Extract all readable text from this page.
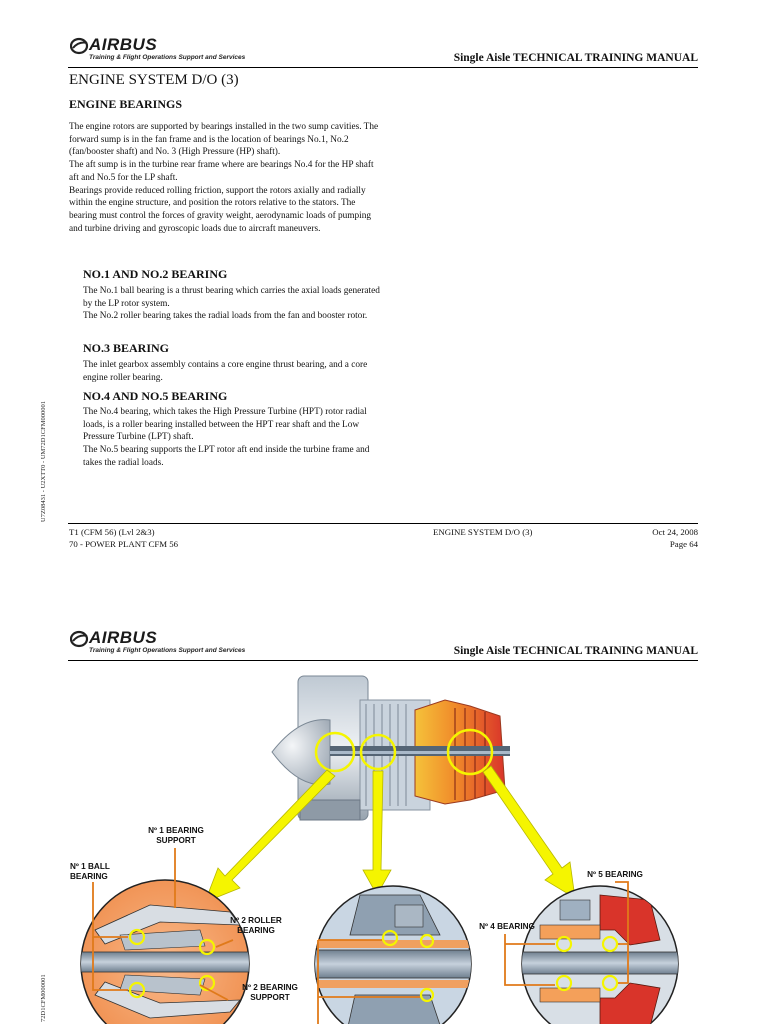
AIRBUS
Training & Flight Operations Support and Services	Single Aisle TECHNICAL TRAINING MANUAL
ENGINE SYSTEM D/O (3)
ENGINE BEARINGS
The engine rotors are supported by bearings installed in the two sump cavities. The forward sump is in the fan frame and is the location of bearings No.1, No.2 (fan/booster shaft) and No. 3 (High Pressure (HP) shaft).
The aft sump is in the turbine rear frame where are bearings No.4 for the HP shaft aft and No.5 for the LP shaft.
Bearings provide reduced rolling friction, support the rotors axially and radially within the engine structure, and position the rotors relative to the stators. The bearing must control the forces of gravity weight, aerodynamic loads of pumping and turbine driving and gyroscopic loads due to aircraft maneuvers.
NO.1 AND NO.2 BEARING
The No.1 ball bearing is a thrust bearing which carries the axial loads generated by the LP rotor system.
The No.2 roller bearing takes the radial loads from the fan and booster rotor.
NO.3 BEARING
The inlet gearbox assembly contains a core engine thrust bearing, and a core engine roller bearing.
NO.4 AND NO.5 BEARING
The No.4 bearing, which takes the High Pressure Turbine (HPT) rotor radial loads, is a roller bearing installed between the HPT rear shaft and the Low Pressure Turbine (LPT) shaft.
The No.5 bearing supports the LPT rotor aft end inside the turbine frame and takes the radial loads.
U7Z08431 - U2XTT0 - UM72D1CFM000001
T1 (CFM 56) (Lvl 2&3)
70 - POWER PLANT CFM 56
ENGINE SYSTEM D/O (3)	Oct 24, 2008
Page 64
AIRBUS
Training & Flight Operations Support and Services	Single Aisle TECHNICAL TRAINING MANUAL
72D1CFM000001
Nº 1 BEARING
SUPPORT
Nº 1 BALL
BEARING
Nº 2 ROLLER
BEARING
Nº 2 BEARING
SUPPORT
Nº 4 BEARING
Nº 5 BEARING
